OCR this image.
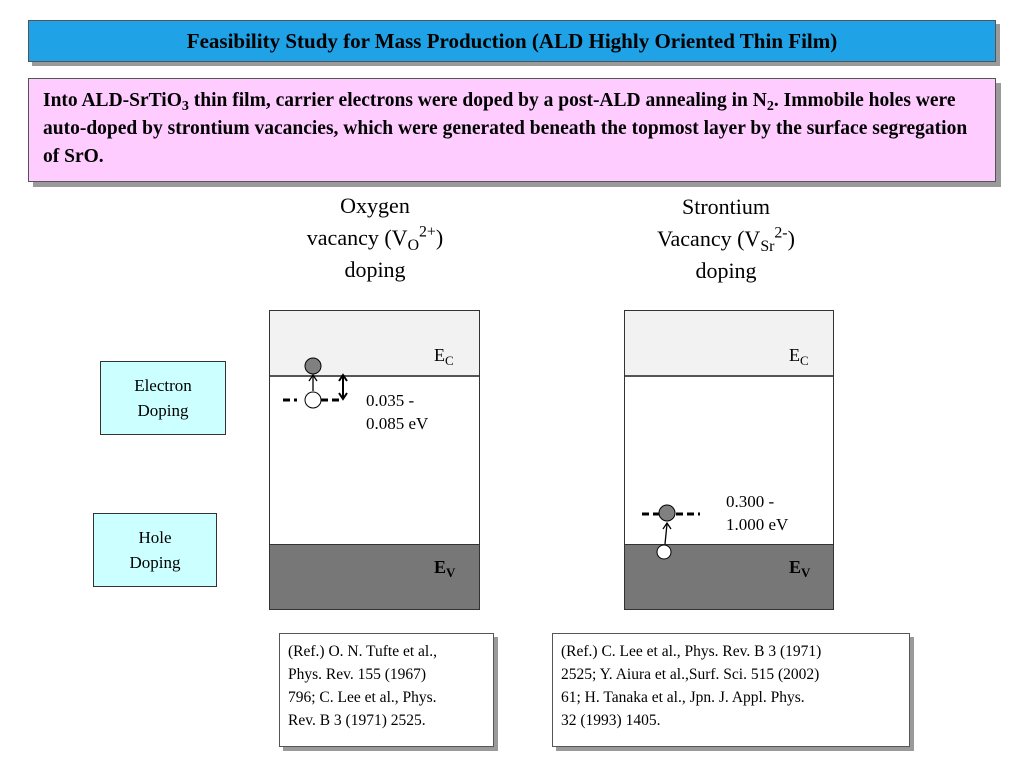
Feasibility Study for Mass Production (ALD Highly Oriented Thin Film)
Into ALD-SrTiO$_3$ thin film, carrier electrons were doped by a post-ALD annealing in $N_2$. Immobile holes were auto-doped by strontium vacancies, which were generated beneath the topmost layer by the surface segregation of SrO.
Oxygen
vacancy $(V_O^{2+})$
doping
Strontium
Vacancy $(V_{Sr}^{2-})$
doping
Electron
Doping
Hole
Doping
$E_C$
$E_V$
0.035 -
0.085 eV
$E_C$
$E_V$
0.300 -
1.000 eV
(Ref.) O. N. Tufte et al.,
Phys. Rev. 155 (1967)
796; C. Lee et al., Phys.
Rev. B 3 (1971) 2525.
(Ref.) C. Lee et al., Phys. Rev. B 3 (1971)
2525; Y. Aiura et al.,Surf. Sci. 515 (2002)
61; H. Tanaka et al., Jpn. J. Appl. Phys.
32 (1993) 1405.
